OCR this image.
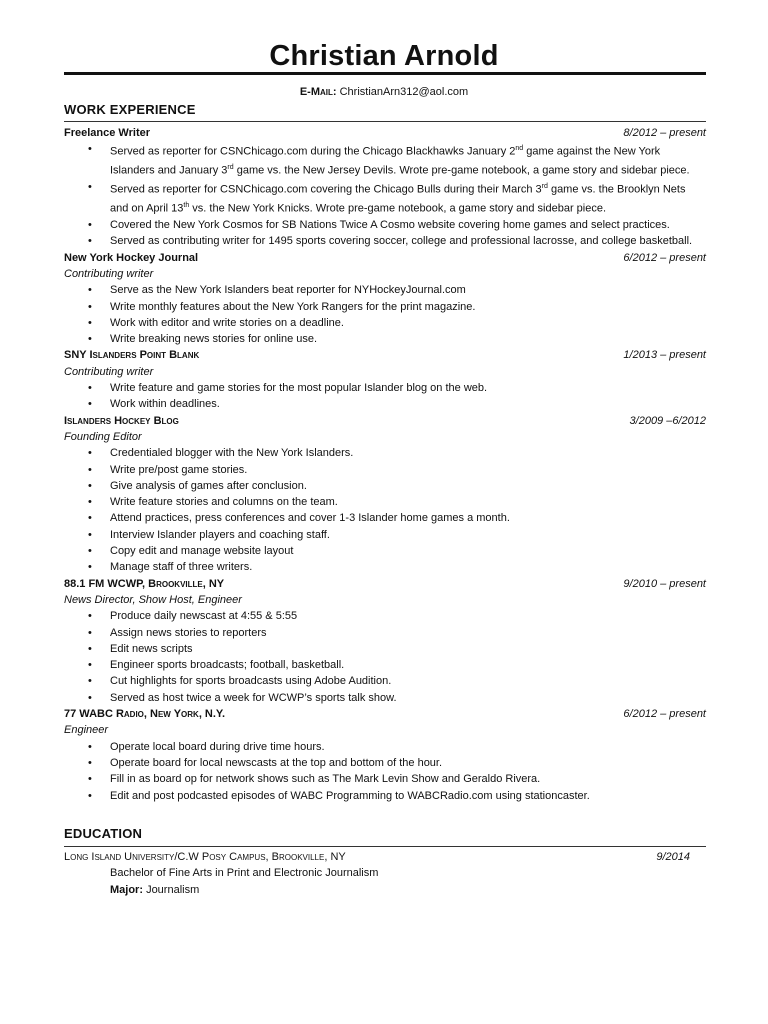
Christian Arnold
E-Mail: ChristianArn312@aol.com
WORK EXPERIENCE
Freelance Writer	8/2012 – present
• Served as reporter for CSNChicago.com during the Chicago Blackhawks January 2nd game against the New York Islanders and January 3rd game vs. the New Jersey Devils. Wrote pre-game notebook, a game story and sidebar piece.
• Served as reporter for CSNChicago.com covering the Chicago Bulls during their March 3rd game vs. the Brooklyn Nets and on April 13th vs. the New York Knicks. Wrote pre-game notebook, a game story and sidebar piece.
• Covered the New York Cosmos for SB Nations Twice A Cosmo website covering home games and select practices.
• Served as contributing writer for 1495 sports covering soccer, college and professional lacrosse, and college basketball.
New York Hockey Journal	6/2012 – present
Contributing writer
• Serve as the New York Islanders beat reporter for NYHockeyJournal.com
• Write monthly features about the New York Rangers for the print magazine.
• Work with editor and write stories on a deadline.
• Write breaking news stories for online use.
SNY Islanders Point Blank	1/2013 – present
Contributing writer
• Write feature and game stories for the most popular Islander blog on the web.
• Work within deadlines.
Islanders Hockey Blog	3/2009 –6/2012
Founding Editor
• Credentialed blogger with the New York Islanders.
• Write pre/post game stories.
• Give analysis of games after conclusion.
• Write feature stories and columns on the team.
• Attend practices, press conferences and cover 1-3 Islander home games a month.
• Interview Islander players and coaching staff.
• Copy edit and manage website layout
• Manage staff of three writers.
88.1 FM WCWP, Brookville, NY	9/2010 – present
News Director, Show Host, Engineer
• Produce daily newscast at 4:55 & 5:55
• Assign news stories to reporters
• Edit news scripts
• Engineer sports broadcasts; football, basketball.
• Cut highlights for sports broadcasts using Adobe Audition.
• Served as host twice a week for WCWP’s sports talk show.
77 WABC Radio, New York, N.Y.	6/2012 – present
Engineer
• Operate local board during drive time hours.
• Operate board for local newscasts at the top and bottom of the hour.
• Fill in as board op for network shows such as The Mark Levin Show and Geraldo Rivera.
• Edit and post podcasted episodes of WABC Programming to WABCRadio.com using stationcaster.
EDUCATION
Long Island University/C.W Posy Campus, Brookville, NY	9/2014
Bachelor of Fine Arts in Print and Electronic Journalism
Major: Journalism
